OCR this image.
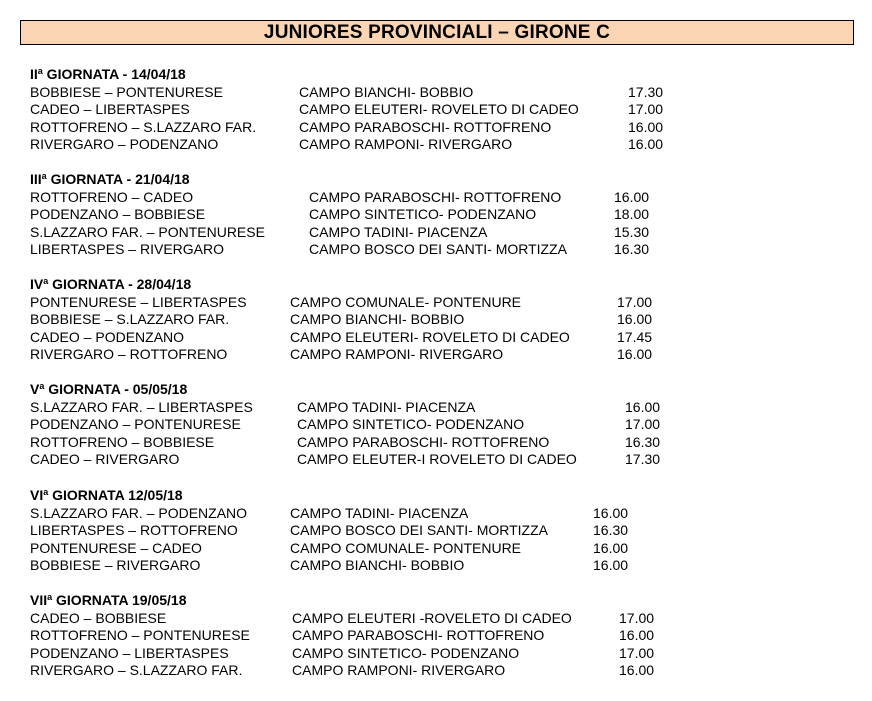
JUNIORES PROVINCIALI – GIRONE C
$II^a$ GIORNATA - 14/04/18
BOBBIESE – PONTENURESE	CAMPO BIANCHI- BOBBIO	17.30
CADEO – LIBERTASPES	CAMPO ELEUTERI- ROVELETO DI CADEO	17.00
ROTTOFRENO – S.LAZZARO FAR.	CAMPO PARABOSCHI- ROTTOFRENO	16.00
RIVERGARO – PODENZANO	CAMPO RAMPONI- RIVERGARO	16.00
III$^a$ GIORNATA - 21/04/18
ROTTOFRENO – CADEO	CAMPO PARABOSCHI- ROTTOFRENO	16.00
PODENZANO – BOBBIESE	CAMPO SINTETICO- PODENZANO	18.00
S.LAZZARO FAR. – PONTENURESE	CAMPO TADINI- PIACENZA	15.30
LIBERTASPES – RIVERGARO	CAMPO BOSCO DEI SANTI- MORTIZZA	16.30
$IV^a$ GIORNATA - 28/04/18
PONTENURESE – LIBERTASPES	CAMPO COMUNALE- PONTENURE	17.00
BOBBIESE – S.LAZZARO FAR.	CAMPO BIANCHI- BOBBIO	16.00
CADEO – PODENZANO	CAMPO ELEUTERI- ROVELETO DI CADEO	17.45
RIVERGARO – ROTTOFRENO	CAMPO RAMPONI- RIVERGARO	16.00
$V^a$ GIORNATA - 05/05/18
S.LAZZARO FAR. – LIBERTASPES	CAMPO TADINI- PIACENZA	16.00
PODENZANO – PONTENURESE	CAMPO SINTETICO- PODENZANO	17.00
ROTTOFRENO – BOBBIESE	CAMPO PARABOSCHI- ROTTOFRENO	16.30
CADEO – RIVERGARO	CAMPO ELEUTER-I ROVELETO DI CADEO	17.30
$VI^a$ GIORNATA 12/05/18
S.LAZZARO FAR. – PODENZANO	CAMPO TADINI- PIACENZA	16.00
LIBERTASPES – ROTTOFRENO	CAMPO BOSCO DEI SANTI- MORTIZZA	16.30
PONTENURESE – CADEO	CAMPO COMUNALE- PONTENURE	16.00
BOBBIESE – RIVERGARO	CAMPO BIANCHI- BOBBIO	16.00
VII$^a$ GIORNATA 19/05/18
CADEO – BOBBIESE	CAMPO ELEUTERI -ROVELETO DI CADEO	17.00
ROTTOFRENO – PONTENURESE	CAMPO PARABOSCHI- ROTTOFRENO	16.00
PODENZANO – LIBERTASPES	CAMPO SINTETICO- PODENZANO	17.00
RIVERGARO – S.LAZZARO FAR.	CAMPO RAMPONI- RIVERGARO	16.00
